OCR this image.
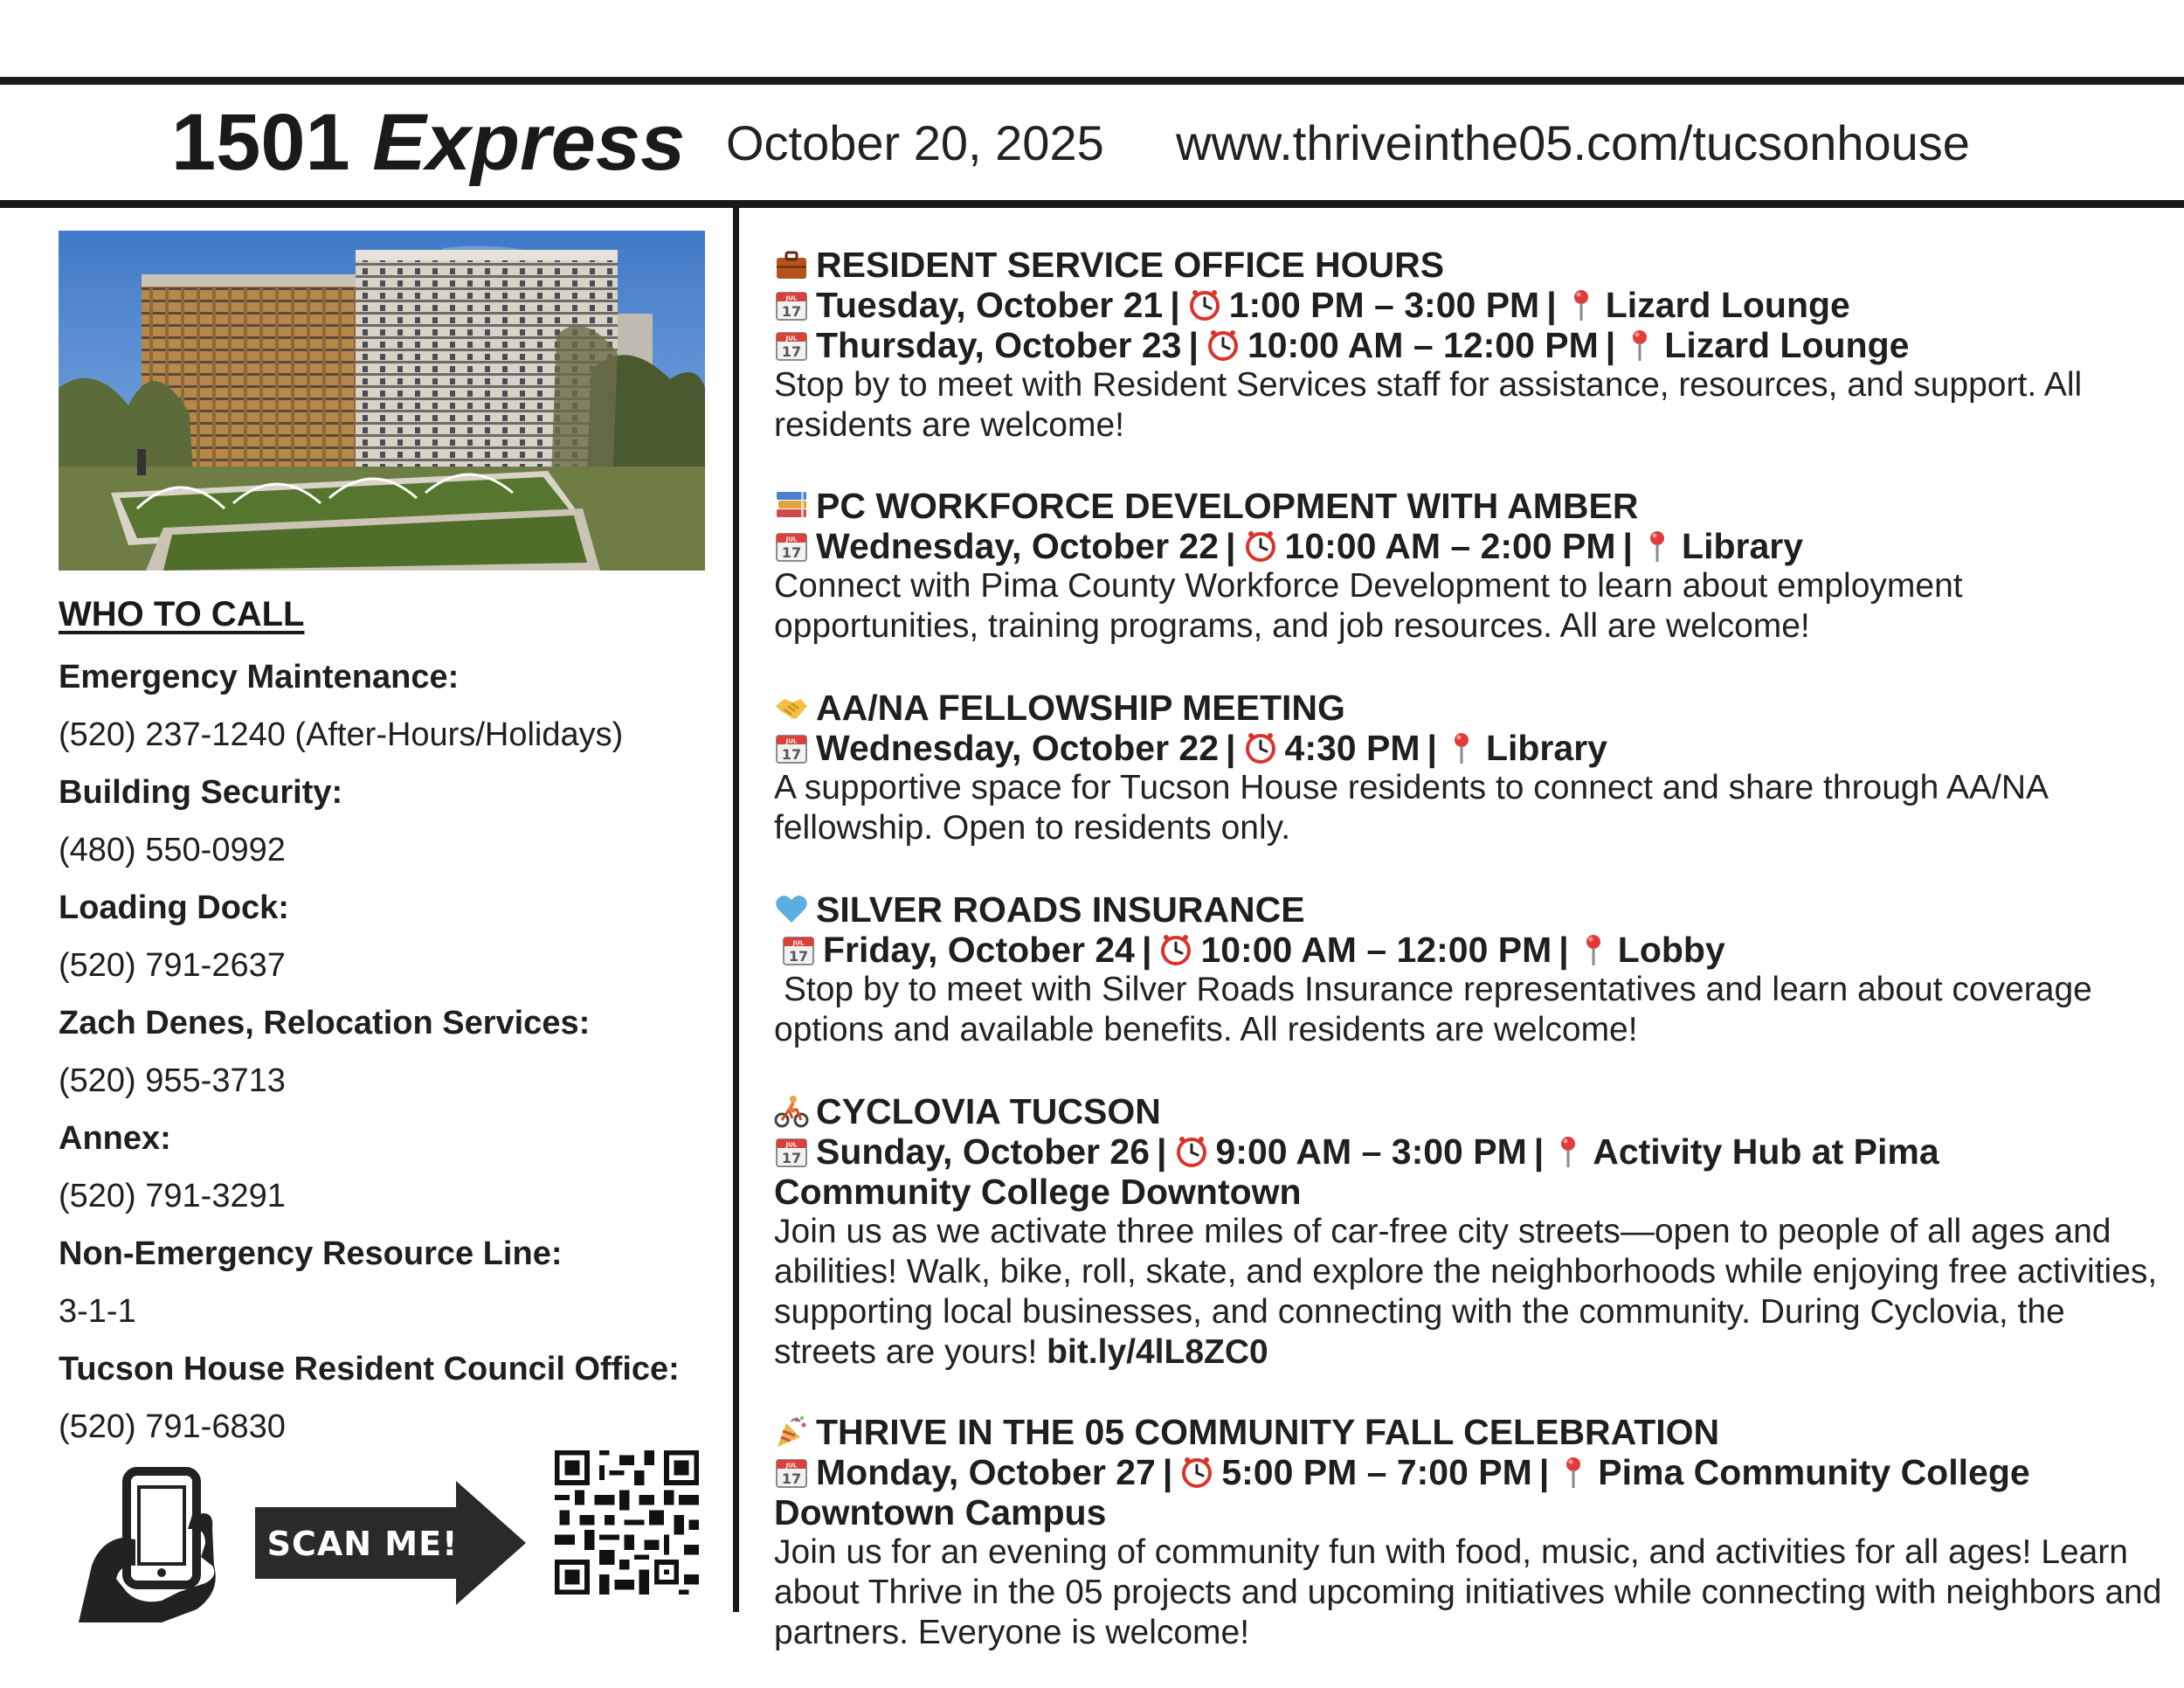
1501
Express October 20, 2025 www.thriveinthe05.com/tucsonhouse
WHO TO CALL
Emergency Maintenance:
(520) 237-1240 (After-Hours/Holidays)
Building Security:
(480) 550-0992
Loading Dock:
(520) 791-2637
Zach Denes, Relocation Services:
(520) 955-3713
Annex:
(520) 791-3291
Non-Emergency Resource Line:
3-1-1
Tucson House Resident Council Office:
(520) 791-6830
SCAN ME!
RESIDENT SERVICE OFFICE HOURS
Tuesday, October 21 | 1:00 PM – 3:00 PM | Lizard Lounge
Thursday, October 23 | 10:00 AM – 12:00 PM | Lizard Lounge
Stop by to meet with Resident Services staff for assistance, resources, and support. All residents are welcome!
PC WORKFORCE DEVELOPMENT WITH AMBER
Wednesday, October 22 | 10:00 AM – 2:00 PM | Library
Connect with Pima County Workforce Development to learn about employment opportunities, training programs, and job resources. All are welcome!
AA/NA FELLOWSHIP MEETING
Wednesday, October 22 | 4:30 PM | Library
A supportive space for Tucson House residents to connect and share through AA/NA fellowship. Open to residents only.
SILVER ROADS INSURANCE
Friday, October 24 | 10:00 AM – 12:00 PM | Lobby
Stop by to meet with Silver Roads Insurance representatives and learn about coverage options and available benefits. All residents are welcome!
CYCLOVIA TUCSON
Sunday, October 26 | 9:00 AM – 3:00 PM | Activity Hub at Pima
Community College Downtown
Join us as we activate three miles of car-free city streets—open to people of all ages and abilities! Walk, bike, roll, skate, and explore the neighborhoods while enjoying free activities, supporting local businesses, and connecting with the community. During Cyclovia, the streets are yours! bit.ly/4lL8ZC0
THRIVE IN THE 05 COMMUNITY FALL CELEBRATION
Monday, October 27 | 5:00 PM – 7:00 PM | Pima Community College
Downtown Campus
Join us for an evening of community fun with food, music, and activities for all ages! Learn about Thrive in the 05 projects and upcoming initiatives while connecting with neighbors and partners. Everyone is welcome!
